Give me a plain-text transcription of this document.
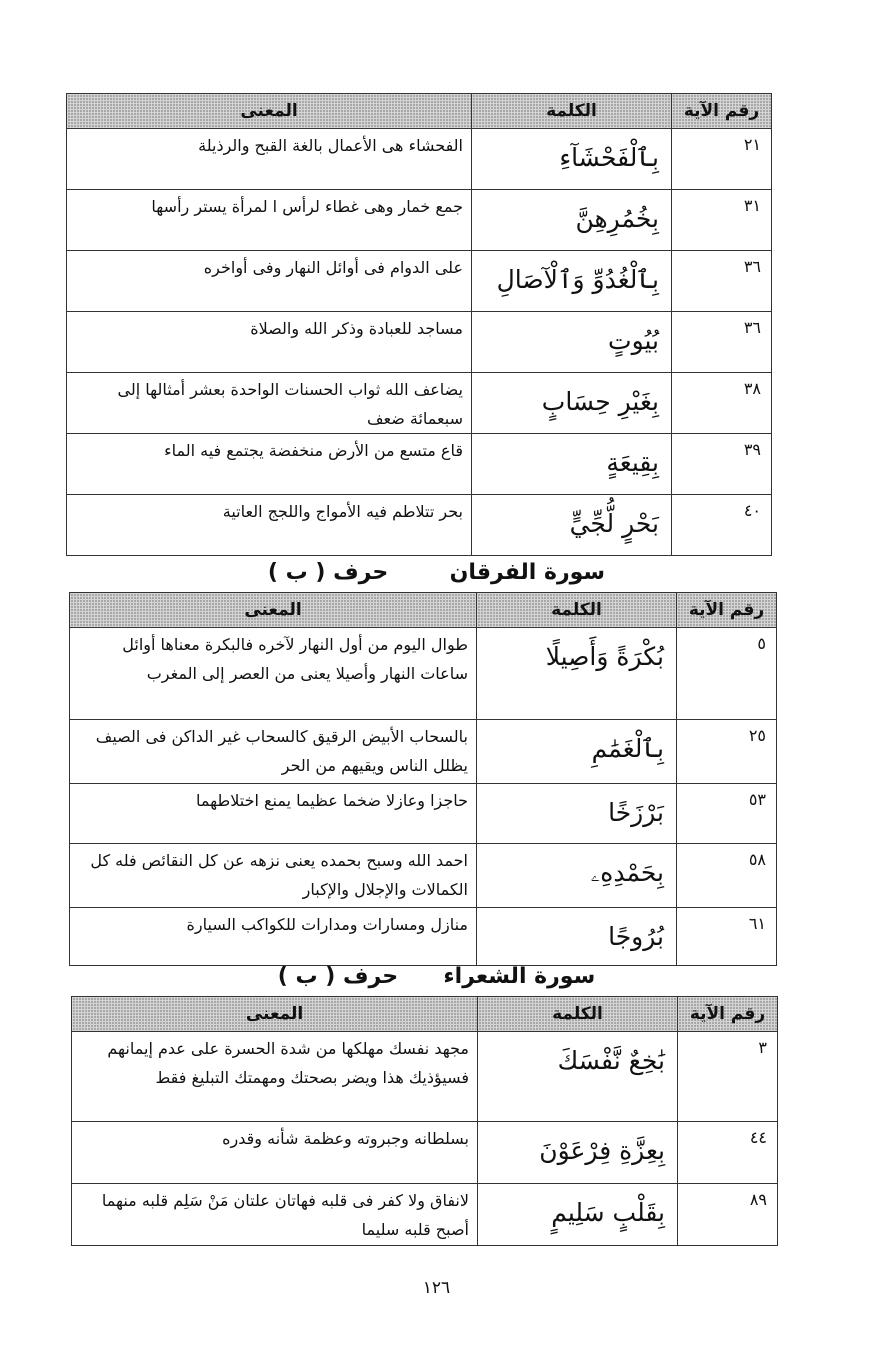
رقم الآية	الكلمة	المعنى
٢١	بِٱلْفَحْشَآءِ	الفحشاء هى الأعمال بالغة القبح والرذيلة
٣١	بِخُمُرِهِنَّ	جمع خمار وهى غطاء لرأس ا لمرأة يستر رأسها
٣٦	بِٱلْغُدُوِّ وَٱلْآصَالِ	على الدوام فى أوائل النهار وفى أواخره
٣٦	بُيُوتٍ	مساجد للعبادة وذكر الله والصلاة
٣٨	بِغَيْرِ حِسَابٍ	يضاعف الله ثواب الحسنات الواحدة بعشر أمثالها إلى سبعمائة ضعف
٣٩	بِقِيعَةٍ	قاع متسع من الأرض منخفضة يجتمع فيه الماء
٤٠	بَحْرٍ لُّجِّيٍّ	بحر تتلاطم فيه الأمواج واللجج العاتية
سورة الفرقان  حرف ( ب )
رقم الآية	الكلمة	المعنى
٥	بُكْرَةً وَأَصِيلًا	طوال اليوم من أول النهار لآخره فالبكرة معناها أوائل ساعات النهار وأصيلا يعنى من العصر إلى المغرب
٢٥	بِٱلْغَمَٰمِ	بالسحاب الأبيض الرقيق كالسحاب غير الداكن فى الصيف يظلل الناس ويقيهم من الحر
٥٣	بَرْزَخًا	حاجزا وعازلا ضخما عظيما يمنع اختلاطهما
٥٨	بِحَمْدِهِۦ	احمد الله وسبح بحمده يعنى نزهه عن كل النقائص فله كل الكمالات والإجلال والإكبار
٦١	بُرُوجًا	منازل ومسارات ومدارات للكواكب السيارة
سورة الشعراء  حرف ( ب )
رقم الآية	الكلمة	المعنى
٣	بَٰخِعٌ نَّفْسَكَ	مجهد نفسك مهلكها من شدة الحسرة على عدم إيمانهم فسيؤذيك هذا ويضر بصحتك ومهمتك التبليغ فقط
٤٤	بِعِزَّةِ فِرْعَوْنَ	بسلطانه وجبروته وعظمة شأنه وقدره
٨٩	بِقَلْبٍ سَلِيمٍ	لانفاق ولا كفر فى قلبه فهاتان علتان مَنْ سَلِم قلبه منهما أصبح قلبه سليما
١٢٦
